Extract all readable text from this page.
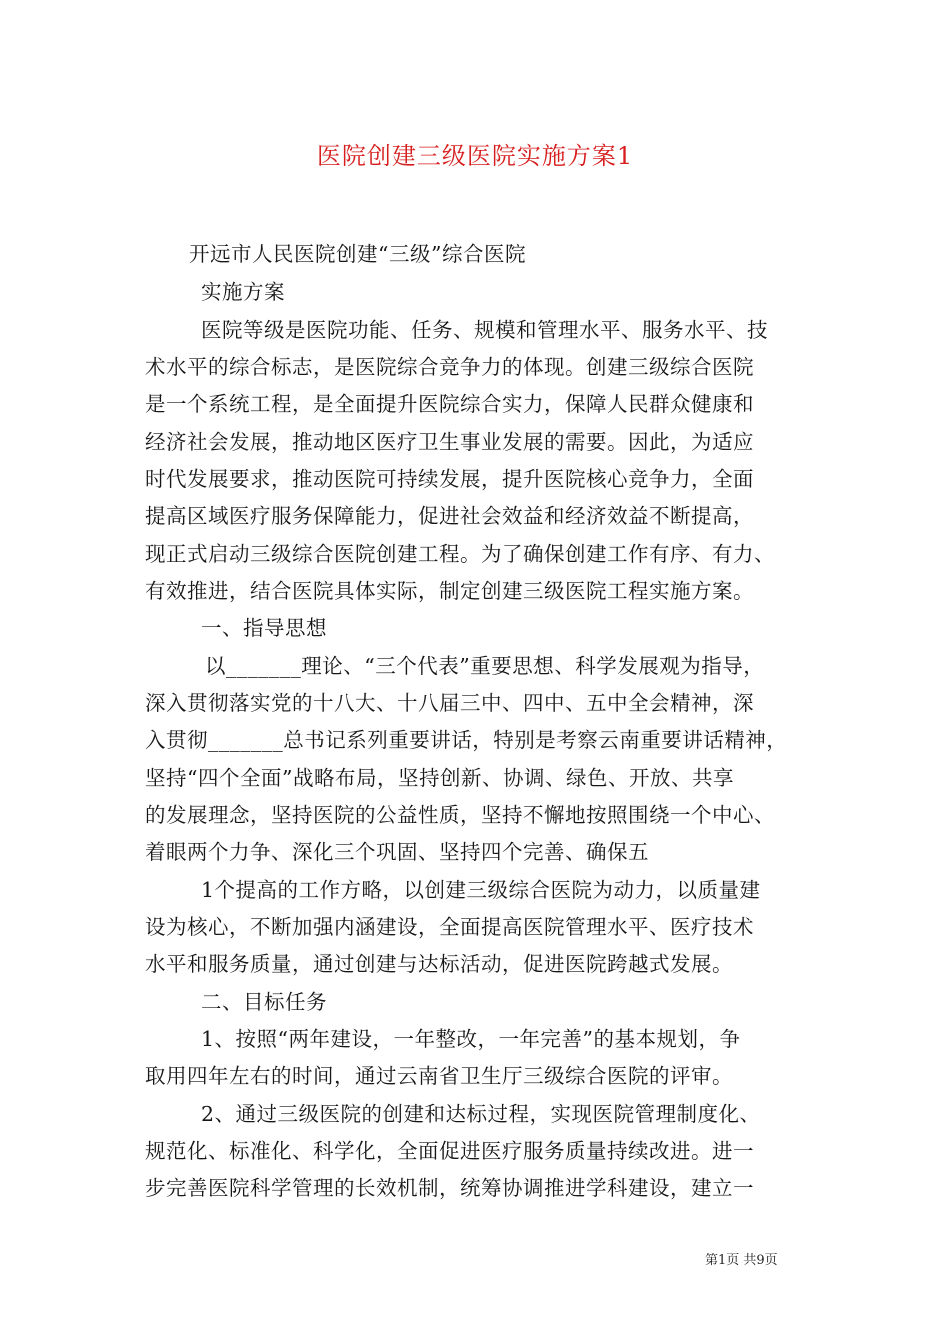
医院创建三级医院实施方案1
开远市人民医院创建“三级”综合医院
实施方案
医院等级是医院功能、任务、规模和管理水平、服务水平、技
术水平的综合标志，是医院综合竞争力的体现。创建三级综合医院
是一个系统工程，是全面提升医院综合实力，保障人民群众健康和
经济社会发展，推动地区医疗卫生事业发展的需要。因此，为适应
时代发展要求，推动医院可持续发展，提升医院核心竞争力，全面
提高区域医疗服务保障能力，促进社会效益和经济效益不断提高，
现正式启动三级综合医院创建工程。为了确保创建工作有序、有力、
有效推进，结合医院具体实际，制定创建三级医院工程实施方案。
一、指导思想
以_______理论、“三个代表”重要思想、科学发展观为指导，
深入贯彻落实党的十八大、十八届三中、四中、五中全会精神，深
入贯彻_______总书记系列重要讲话，特别是考察云南重要讲话精神，
坚持“四个全面”战略布局，坚持创新、协调、绿色、开放、共享
的发展理念，坚持医院的公益性质，坚持不懈地按照围绕一个中心、
着眼两个力争、深化三个巩固、坚持四个完善、确保五
1个提高的工作方略，以创建三级综合医院为动力，以质量建
设为核心，不断加强内涵建设，全面提高医院管理水平、医疗技术
水平和服务质量，通过创建与达标活动，促进医院跨越式发展。
二、目标任务
1、按照“两年建设，一年整改，一年完善”的基本规划，争
取用四年左右的时间，通过云南省卫生厅三级综合医院的评审。
2、通过三级医院的创建和达标过程，实现医院管理制度化、
规范化、标准化、科学化，全面促进医疗服务质量持续改进。进一
步完善医院科学管理的长效机制，统筹协调推进学科建设，建立一
第1页 共9页
